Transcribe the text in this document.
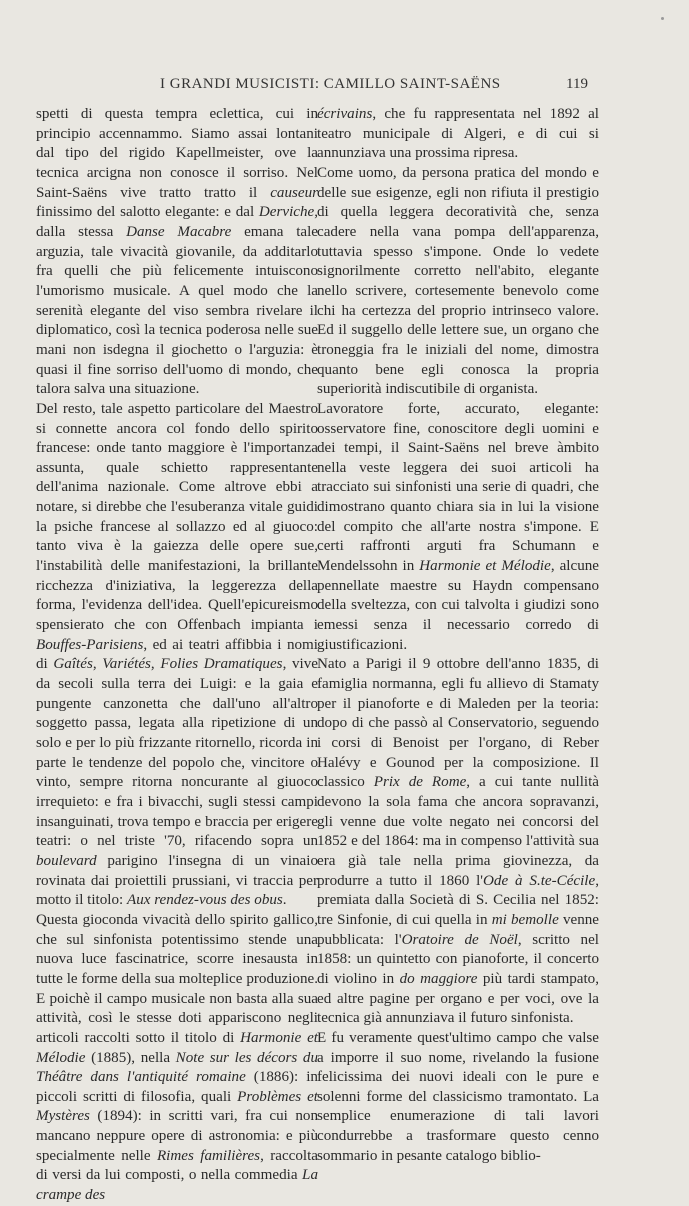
I GRANDI MUSICISTI: CAMILLO SAINT-SAËNS	119

spetti di questa tempra eclettica, cui in principio accennammo. Siamo assai lontani dal tipo del rigido Kapellmeister, ove la tecnica arcigna non conosce il sorriso. Nel Saint-Saëns vive tratto tratto il causeur finissimo del salotto elegante: e dal Derviche, dalla stessa Danse Macabre emana tale arguzia, tale vivacità giovanile, da additarlo fra quelli che più felicemente intuiscono l'umorismo musicale. A quel modo che la serenità elegante del viso sembra rivelare il diplomatico, così la tecnica poderosa nelle sue mani non isdegna il giochetto o l'arguzia: è quasi il fine sorriso dell'uomo di mondo, che talora salva una situazione.

Del resto, tale aspetto particolare del Maestro si connette ancora col fondo dello spirito francese: onde tanto maggiore è l'importanza assunta, quale schietto rappresentante dell'anima nazionale. Come altrove ebbi a notare, si direbbe che l'esuberanza vitale guidi la psiche francese al sollazzo ed al giuoco: tanto viva è la gaiezza delle opere sue, l'instabilità delle manifestazioni, la brillante ricchezza d'iniziativa, la leggerezza della forma, l'evidenza dell'idea. Quell'epicureismo spensierato che con Offenbach impianta i Bouffes-Parisiens, ed ai teatri affibbia i nomi di Gaîtés, Variétés, Folies Dramatiques, vive da secoli sulla terra dei Luigi: e la gaia e pungente canzonetta che dall'uno all'altro soggetto passa, legata alla ripetizione di un solo e per lo più frizzante ritornello, ricorda in parte le tendenze del popolo che, vincitore o vinto, sempre ritorna noncurante al giuoco irrequieto: e fra i bivacchi, sugli stessi campi insanguinati, trova tempo e braccia per erigere teatri: o nel triste '70, rifacendo sopra un boulevard parigino l'insegna di un vinaio rovinata dai proiettili prussiani, vi traccia per motto il titolo: Aux rendez-vous des obus.

Questa gioconda vivacità dello spirito gallico, che sul sinfonista potentissimo stende una nuova luce fascinatrice, scorre inesausta in tutte le forme della sua molteplice produzione. E poichè il campo musicale non basta alla sua attività, così le stesse doti appariscono negli articoli raccolti sotto il titolo di Harmonie et Mélodie (1885), nella Note sur les décors du Théâtre dans l'antiquité romaine (1886): in piccoli scritti di filosofia, quali Problèmes et Mystères (1894): in scritti vari, fra cui non mancano neppure opere di astronomia: e più specialmente nelle Rimes familières, raccolta di versi da lui composti, o nella commedia La crampe des

écrivains, che fu rappresentata nel 1892 al teatro municipale di Algeri, e di cui si annunziava una prossima ripresa.

Come uomo, da persona pratica del mondo e delle sue esigenze, egli non rifiuta il prestigio di quella leggera decoratività che, senza cadere nella vana pompa dell'apparenza, tuttavia spesso s'impone. Onde lo vedete signorilmente corretto nell'abito, elegante nello scrivere, cortesemente benevolo come chi ha certezza del proprio intrinseco valore. Ed il suggello delle lettere sue, un organo che troneggia fra le iniziali del nome, dimostra quanto bene egli conosca la propria superiorità indiscutibile di organista.

Lavoratore forte, accurato, elegante: osservatore fine, conoscitore degli uomini e dei tempi, il Saint-Saëns nel breve àmbito nella veste leggera dei suoi articoli ha tracciato sui sinfonisti una serie di quadri, che dimostrano quanto chiara sia in lui la visione del compito che all'arte nostra s'impone. E certi raffronti arguti fra Schumann e Mendelssohn in Harmonie et Mélodie, alcune pennellate maestre su Haydn compensano della sveltezza, con cui talvolta i giudizi sono emessi senza il necessario corredo di giustificazioni.

Nato a Parigi il 9 ottobre dell'anno 1835, di famiglia normanna, egli fu allievo di Stamaty per il pianoforte e di Maleden per la teoria: dopo di che passò al Conservatorio, seguendo i corsi di Benoist per l'organo, di Reber Halévy e Gounod per la composizione. Il classico Prix de Rome, a cui tante nullità devono la sola fama che ancora sopravanzi, gli venne due volte negato nei concorsi del 1852 e del 1864: ma in compenso l'attività sua era già tale nella prima giovinezza, da produrre a tutto il 1860 l'Ode à S.te-Cécile, premiata dalla Società di S. Cecilia nel 1852: tre Sinfonie, di cui quella in mi bemolle venne pubblicata: l'Oratoire de Noël, scritto nel 1858: un quintetto con pianoforte, il concerto di violino in do maggiore più tardi stampato, ed altre pagine per organo e per voci, ove la tecnica già annunziava il futuro sinfonista.

E fu veramente quest'ultimo campo che valse a imporre il suo nome, rivelando la fusione felicissima dei nuovi ideali con le pure e solenni forme del classicismo tramontato. La semplice enumerazione di tali lavori condurrebbe a trasformare questo cenno sommario in pesante catalogo biblio-
